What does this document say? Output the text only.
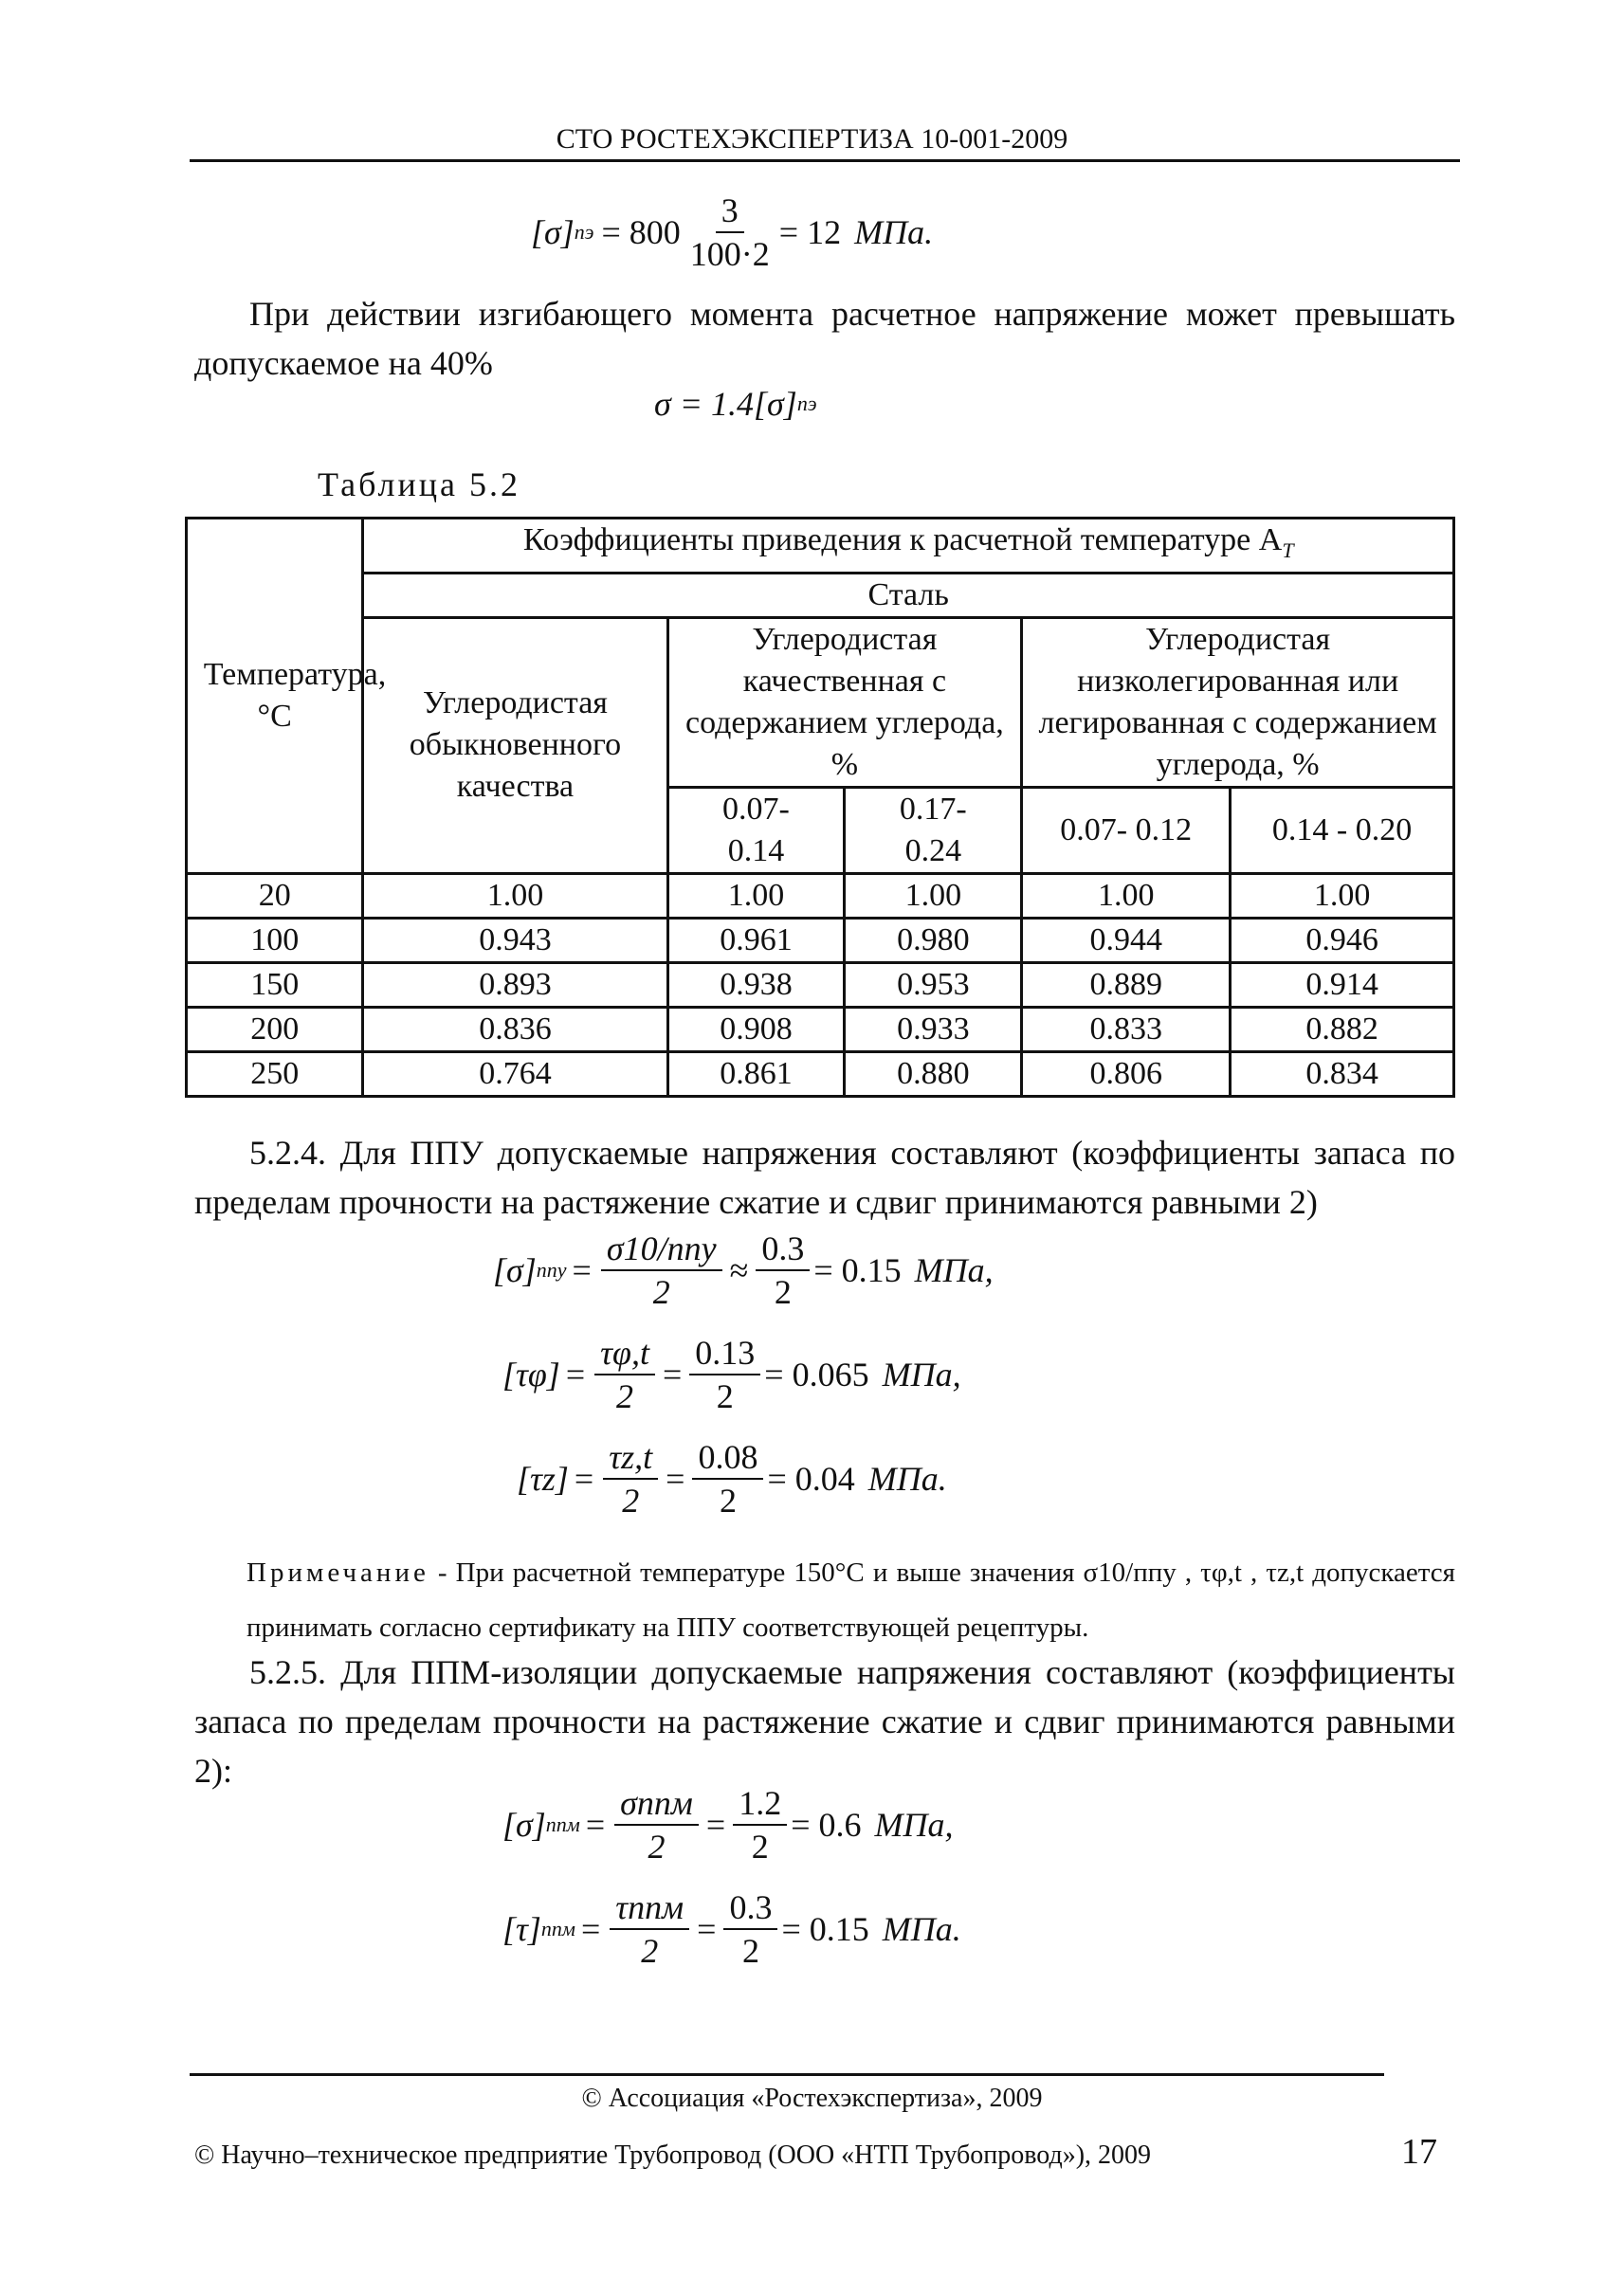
СТО РОСТЕХЭКСПЕРТИЗА 10-001-2009
[σ] пэ = $800 \frac{3}{100\cdot 2} = 12$ МПа.
При действии изгибающего момента расчетное напряжение может превышать допускаемое на 40%
σ = 1.4[σ] пэ
Таблица 5.2
Температура, °C	Коэффициенты приведения к расчетной температуре $A_T$
	Сталь				
	Углеродистая обыкновенного качества	Углеродистая качественная с содержанием углерода, %		Углеродистая низколегированная или легированная с содержанием углерода, %	
		0.07-0.14	0.17-0.24	0.07- 0.12	0.14 - 0.20
20	1.00	1.00	1.00	1.00	1.00
100	0.943	0.961	0.980	0.944	0.946
150	0.893	0.938	0.953	0.889	0.914
200	0.836	0.908	0.933	0.833	0.882
250	0.764	0.861	0.880	0.806	0.834
5.2.4. Для ППУ допускаемые напряжения составляют (коэффициенты запаса по пределам прочности на растяжение сжатие и сдвиг принимаются равными 2)
[σ] ппу = $\frac{\text{σ10/ппу}}{2} \approx \frac{0.3}{2} = 0.15$ МПа,
$[\tau\varphi] = \frac{\tau\varphi,t}{2} = \frac{0.13}{2} = 0.065$ МПа,
$[\tau z] = \frac{\tau z,t}{2} = \frac{0.08}{2} = 0.04$ МПа.
Примечание - При расчетной температуре 150°С и выше значения σ10/ппу , τφ,t , τz,t допускается принимать согласно сертификату на ППУ соответствующей рецептуры.
5.2.5. Для ППМ-изоляции допускаемые напряжения составляют (коэффициенты запаса по пределам прочности на растяжение сжатие и сдвиг принимаются равными 2):
[σ] ппм = $\frac{\text{σппм}}{2} = \frac{1.2}{2} = 0.6$ МПа,
[τ] ппм = $\frac{\text{τппм}}{2} = \frac{0.3}{2} = 0.15$ МПа.
© Ассоциация «Ростехэкспертиза», 2009
© Научно–техническое предприятие Трубопровод (ООО «НТП Трубопровод»), 2009	17
